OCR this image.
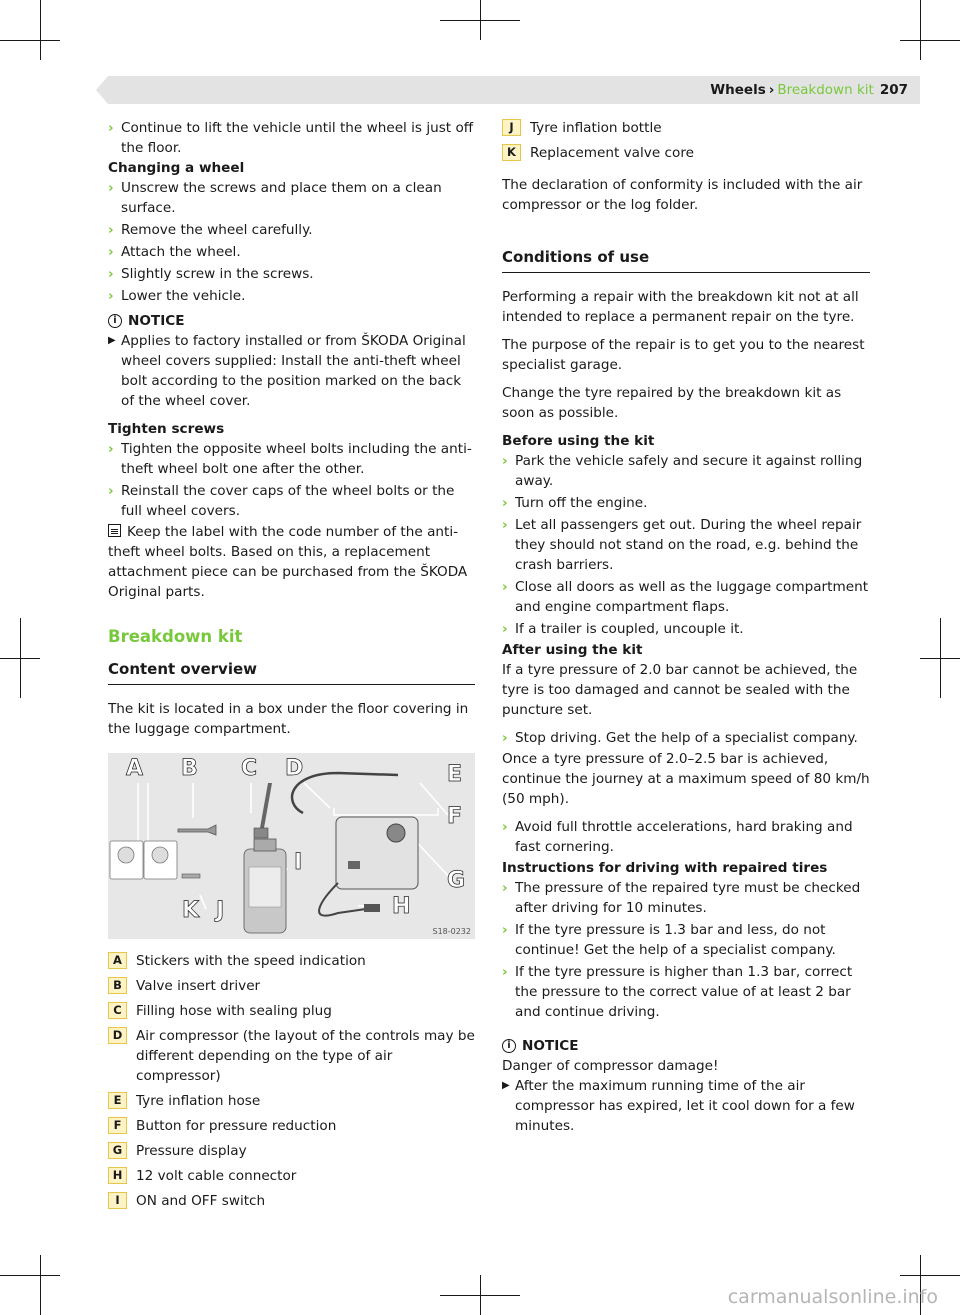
Wheels › Breakdown kit 207
› Continue to lift the vehicle until the wheel is just off the floor.

Changing a wheel

› Unscrew the screws and place them on a clean surface.
› Remove the wheel carefully.
› Attach the wheel.
› Slightly screw in the screws.
› Lower the vehicle.
i NOTICE
▶ Applies to factory installed or from ŠKODA Original wheel covers supplied: Install the anti-theft wheel bolt according to the position marked on the back of the wheel cover.

Tighten screws

› Tighten the opposite wheel bolts including the anti-theft wheel bolt one after the other.
› Reinstall the cover caps of the wheel bolts or the full wheel covers.

Keep the label with the code number of the anti-theft wheel bolts. Based on this, a replacement attachment piece can be purchased from the ŠKODA Original parts.

Breakdown kit
Content overview

The kit is located in a box under the floor covering in the luggage compartment.

A B C D	E
F
G
H
I
J
K
S18-0232
A	Stickers with the speed indication
B	Valve insert driver
C	Filling hose with sealing plug
D	Air compressor (the layout of the controls may be different depending on the type of air compressor)
E	Tyre inflation hose
F	Button for pressure reduction
G	Pressure display
H	12 volt cable connector
I	ON and OFF switch
J	Tyre inflation bottle
K	Replacement valve core

The declaration of conformity is included with the air compressor or the log folder.

Conditions of use

Performing a repair with the breakdown kit not at all intended to replace a permanent repair on the tyre.

The purpose of the repair is to get you to the nearest specialist garage.

Change the tyre repaired by the breakdown kit as soon as possible.

Before using the kit

› Park the vehicle safely and secure it against rolling away.
› Turn off the engine.
› Let all passengers get out. During the wheel repair they should not stand on the road, e.g. behind the crash barriers.
› Close all doors as well as the luggage compartment and engine compartment flaps.
› If a trailer is coupled, uncouple it.

After using the kit

If a tyre pressure of 2.0 bar cannot be achieved, the tyre is too damaged and cannot be sealed with the puncture set.

› Stop driving. Get the help of a specialist company.

Once a tyre pressure of 2.0–2.5 bar is achieved, continue the journey at a maximum speed of 80 km/h (50 mph).

› Avoid full throttle accelerations, hard braking and fast cornering.

Instructions for driving with repaired tires

› The pressure of the repaired tyre must be checked after driving for 10 minutes.
› If the tyre pressure is 1.3 bar and less, do not continue! Get the help of a specialist company.
› If the tyre pressure is higher than 1.3 bar, correct the pressure to the correct value of at least 2 bar and continue driving.
i NOTICE

Danger of compressor damage!

▶ After the maximum running time of the air compressor has expired, let it cool down for a few minutes.
carmanualsonline.info
